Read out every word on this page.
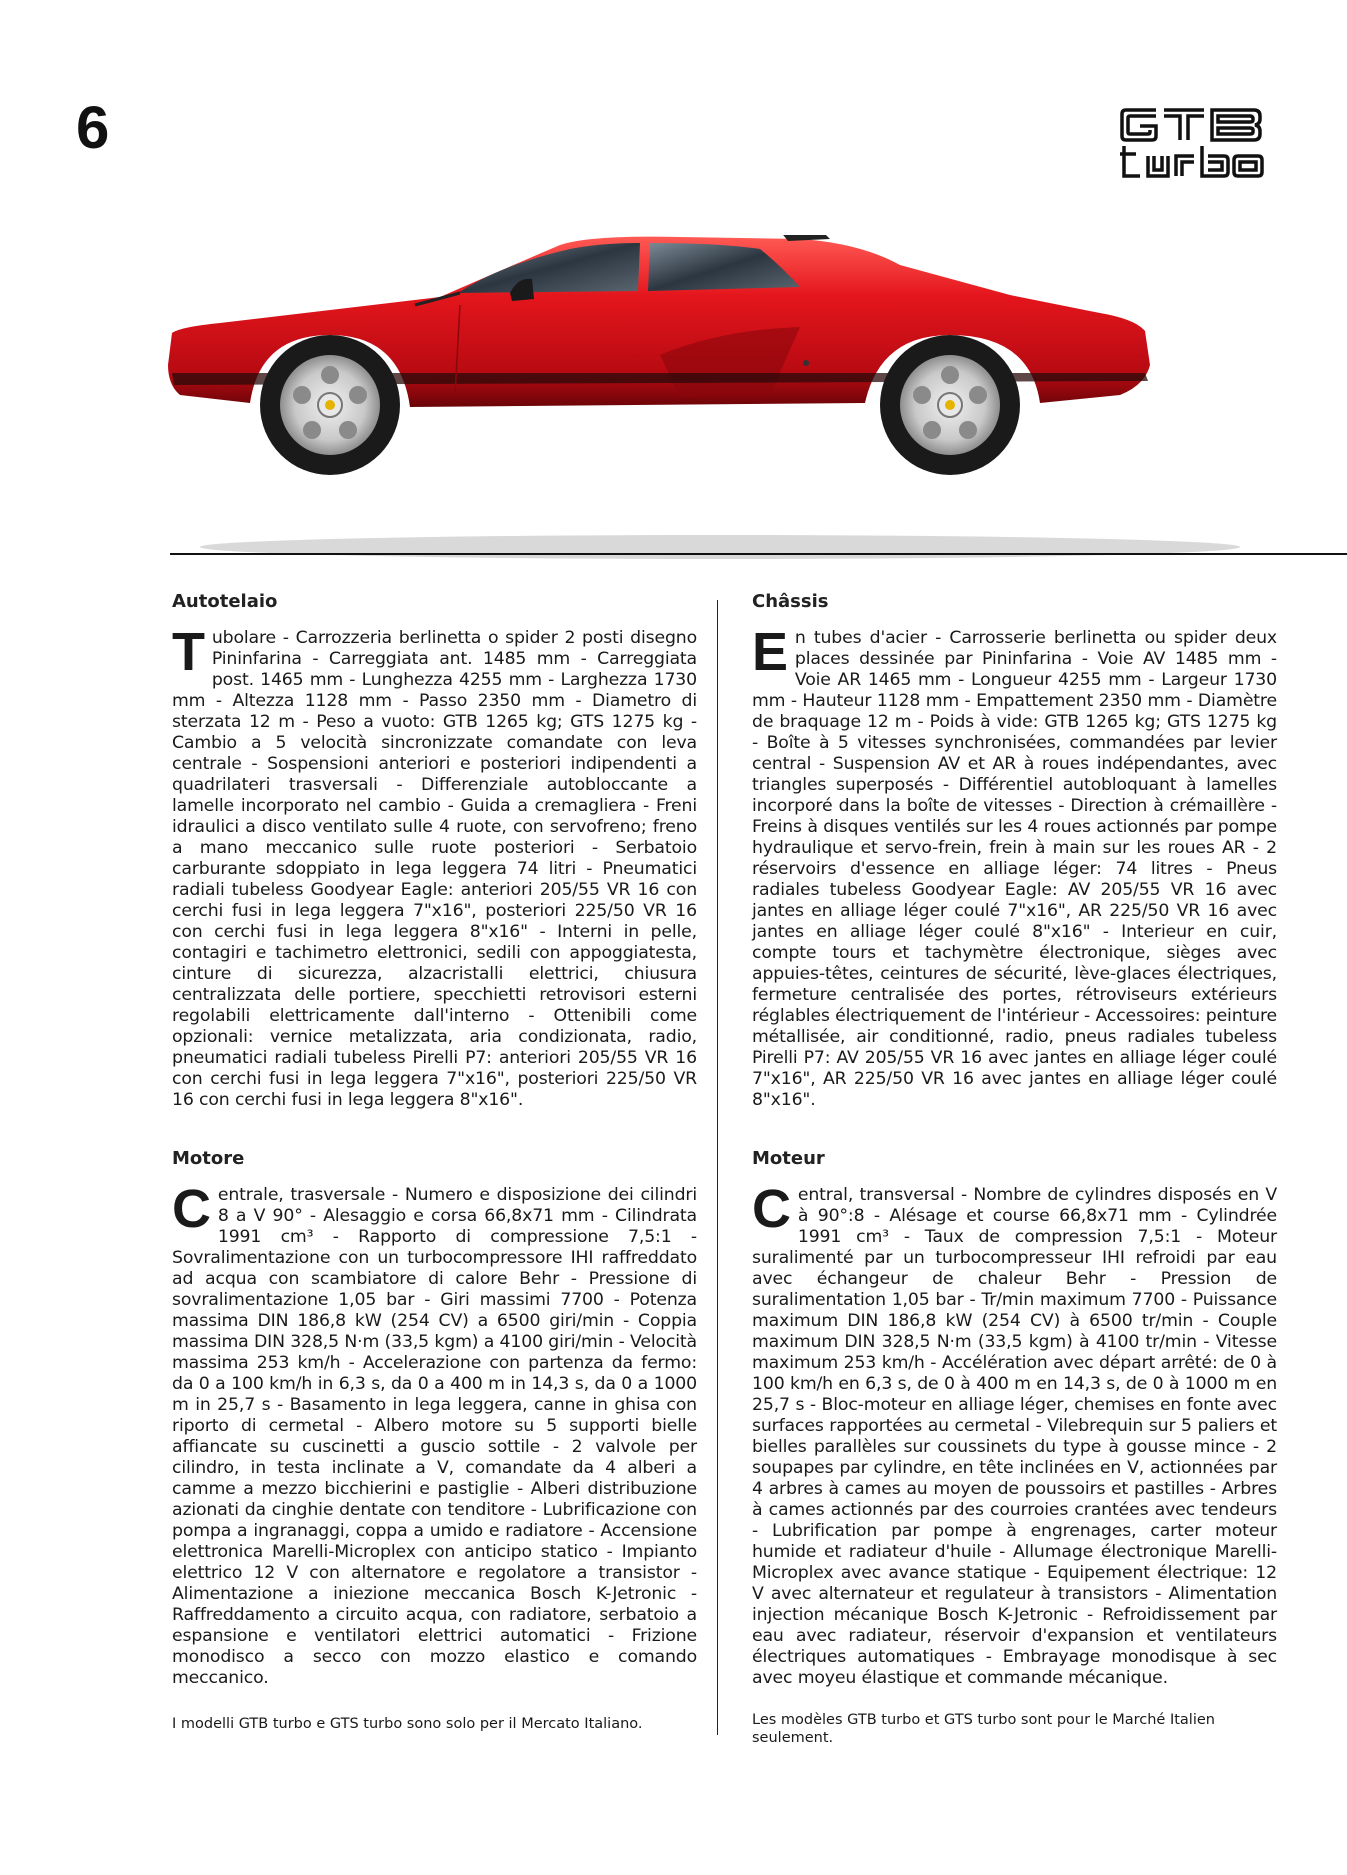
6
Autotelaio

Tubolare - Carrozzeria berlinetta o spider 2 posti disegno Pininfarina - Carreggiata ant. 1485 mm - Carreggiata post. 1465 mm - Lunghezza 4255 mm - Larghezza 1730 mm - Altezza 1128 mm - Passo 2350 mm - Diametro di sterzata 12 m - Peso a vuoto: GTB 1265 kg; GTS 1275 kg - Cambio a 5 velocità sincronizzate comandate con leva centrale - Sospensioni anteriori e posteriori indipendenti a quadrilateri trasversali - Differenziale autobloccante a lamelle incorporato nel cambio - Guida a cremagliera - Freni idraulici a disco ventilato sulle 4 ruote, con servofreno; freno a mano meccanico sulle ruote posteriori - Serbatoio carburante sdoppiato in lega leggera 74 litri - Pneumatici radiali tubeless Goodyear Eagle: anteriori 205/55 VR 16 con cerchi fusi in lega leggera 7"x16", posteriori 225/50 VR 16 con cerchi fusi in lega leggera 8"x16" - Interni in pelle, contagiri e tachimetro elettronici, sedili con appoggiatesta, cinture di sicurezza, alzacristalli elettrici, chiusura centralizzata delle portiere, specchietti retrovisori esterni regolabili elettricamente dall'interno - Ottenibili come opzionali: vernice metalizzata, aria condizionata, radio, pneumatici radiali tubeless Pirelli P7: anteriori 205/55 VR 16 con cerchi fusi in lega leggera 7"x16", posteriori 225/50 VR 16 con cerchi fusi in lega leggera 8"x16".

Motore

Centrale, trasversale - Numero e disposizione dei cilindri 8 a V 90° - Alesaggio e corsa 66,8x71 mm - Cilindrata 1991 cm³ - Rapporto di compressione 7,5:1 - Sovralimentazione con un turbocompressore IHI raffreddato ad acqua con scambiatore di calore Behr - Pressione di sovralimentazione 1,05 bar - Giri massimi 7700 - Potenza massima DIN 186,8 kW (254 CV) a 6500 giri/min - Coppia massima DIN 328,5 N·m (33,5 kgm) a 4100 giri/min - Velocità massima 253 km/h - Accelerazione con partenza da fermo: da 0 a 100 km/h in 6,3 s, da 0 a 400 m in 14,3 s, da 0 a 1000 m in 25,7 s - Basamento in lega leggera, canne in ghisa con riporto di cermetal - Albero motore su 5 supporti bielle affiancate su cuscinetti a guscio sottile - 2 valvole per cilindro, in testa inclinate a V, comandate da 4 alberi a camme a mezzo bicchierini e pastiglie - Alberi distribuzione azionati da cinghie dentate con tenditore - Lubrificazione con pompa a ingranaggi, coppa a umido e radiatore - Accensione elettronica Marelli-Microplex con anticipo statico - Impianto elettrico 12 V con alternatore e regolatore a transistor - Alimentazione a iniezione meccanica Bosch K-Jetronic - Raffreddamento a circuito acqua, con radiatore, serbatoio a espansione e ventilatori elettrici automatici - Frizione monodisco a secco con mozzo elastico e comando meccanico.

I modelli GTB turbo e GTS turbo sono solo per il Mercato Italiano.
Châssis

En tubes d'acier - Carrosserie berlinetta ou spider deux places dessinée par Pininfarina - Voie AV 1485 mm - Voie AR 1465 mm - Longueur 4255 mm - Largeur 1730 mm - Hauteur 1128 mm - Empattement 2350 mm - Diamètre de braquage 12 m - Poids à vide: GTB 1265 kg; GTS 1275 kg - Boîte à 5 vitesses synchronisées, commandées par levier central - Suspension AV et AR à roues indépendantes, avec triangles superposés - Différentiel autobloquant à lamelles incorporé dans la boîte de vitesses - Direction à crémaillère - Freins à disques ventilés sur les 4 roues actionnés par pompe hydraulique et servo-frein, frein à main sur les roues AR - 2 réservoirs d'essence en alliage léger: 74 litres - Pneus radiales tubeless Goodyear Eagle: AV 205/55 VR 16 avec jantes en alliage léger coulé 7"x16", AR 225/50 VR 16 avec jantes en alliage léger coulé 8"x16" - Interieur en cuir, compte tours et tachymètre électronique, sièges avec appuies-têtes, ceintures de sécurité, lève-glaces électriques, fermeture centralisée des portes, rétroviseurs extérieurs réglables électriquement de l'intérieur - Accessoires: peinture métallisée, air conditionné, radio, pneus radiales tubeless Pirelli P7: AV 205/55 VR 16 avec jantes en alliage léger coulé 7"x16", AR 225/50 VR 16 avec jantes en alliage léger coulé 8"x16".

Moteur

Central, transversal - Nombre de cylindres disposés en V à 90°:8 - Alésage et course 66,8x71 mm - Cylindrée 1991 cm³ - Taux de compression 7,5:1 - Moteur suralimenté par un turbocompresseur IHI refroidi par eau avec échangeur de chaleur Behr - Pression de suralimentation 1,05 bar - Tr/min maximum 7700 - Puissance maximum DIN 186,8 kW (254 CV) à 6500 tr/min - Couple maximum DIN 328,5 N·m (33,5 kgm) à 4100 tr/min - Vitesse maximum 253 km/h - Accélération avec départ arrêté: de 0 à 100 km/h en 6,3 s, de 0 à 400 m en 14,3 s, de 0 à 1000 m en 25,7 s - Bloc-moteur en alliage léger, chemises en fonte avec surfaces rapportées au cermetal - Vilebrequin sur 5 paliers et bielles parallèles sur coussinets du type à gousse mince - 2 soupapes par cylindre, en tête inclinées en V, actionnées par 4 arbres à cames au moyen de poussoirs et pastilles - Arbres à cames actionnés par des courroies crantées avec tendeurs - Lubrification par pompe à engrenages, carter moteur humide et radiateur d'huile - Allumage électronique Marelli-Microplex avec avance statique - Equipement électrique: 12 V avec alternateur et regulateur à transistors - Alimentation injection mécanique Bosch K-Jetronic - Refroidissement par eau avec radiateur, réservoir d'expansion et ventilateurs électriques automatiques - Embrayage monodisque à sec avec moyeu élastique et commande mécanique.

Les modèles GTB turbo et GTS turbo sont pour le Marché Italien seulement.
